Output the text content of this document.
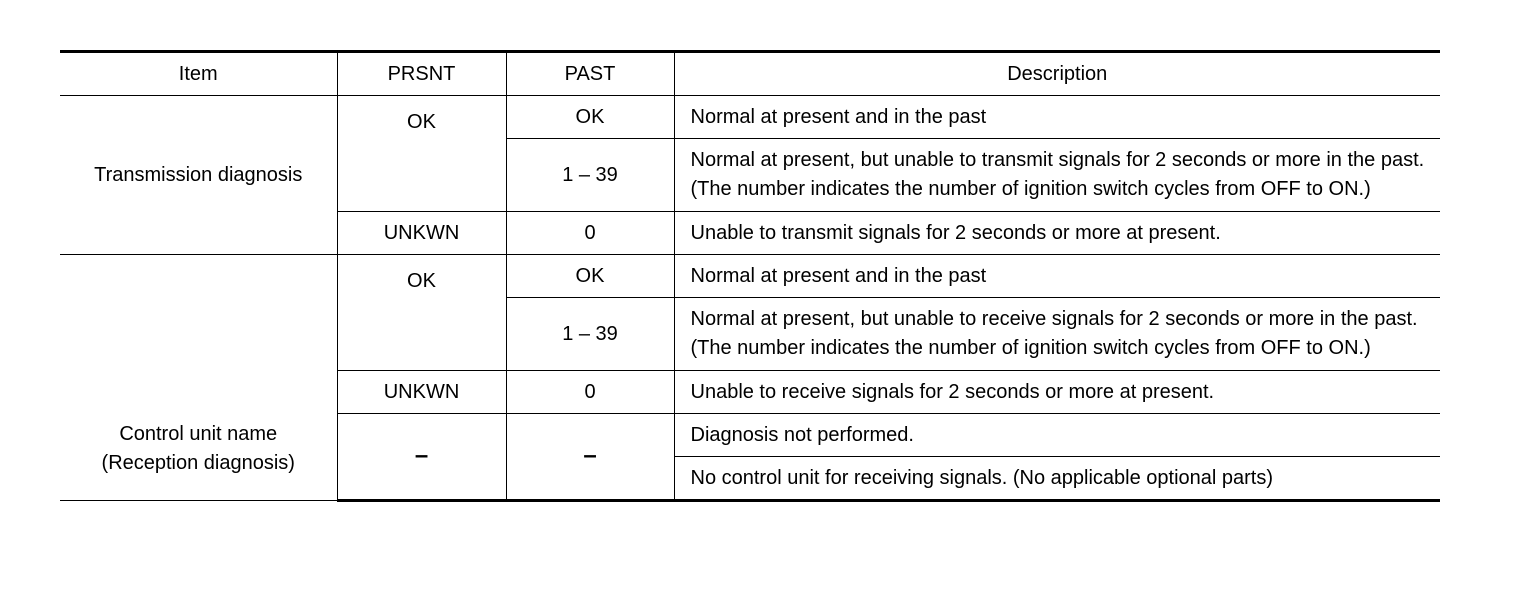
Item	PRSNT	PAST	Description
Transmission diagnosis	OK	OK	Normal at present and in the past
		1 – 39	Normal at present, but unable to transmit signals for 2 seconds or more in the past. (The number indicates the number of ignition switch cycles from OFF to ON.)
	UNKWN	0	Unable to transmit signals for 2 seconds or more at present.

Control unit name
(Reception diagnosis)	OK	OK	Normal at present and in the past
		1 – 39	Normal at present, but unable to receive signals for 2 seconds or more in the past. (The number indicates the number of ignition switch cycles from OFF to ON.)
	UNKWN	0	Unable to receive signals for 2 seconds or more at present.
	–	–	Diagnosis not performed.
			No control unit for receiving signals. (No applicable optional parts)
